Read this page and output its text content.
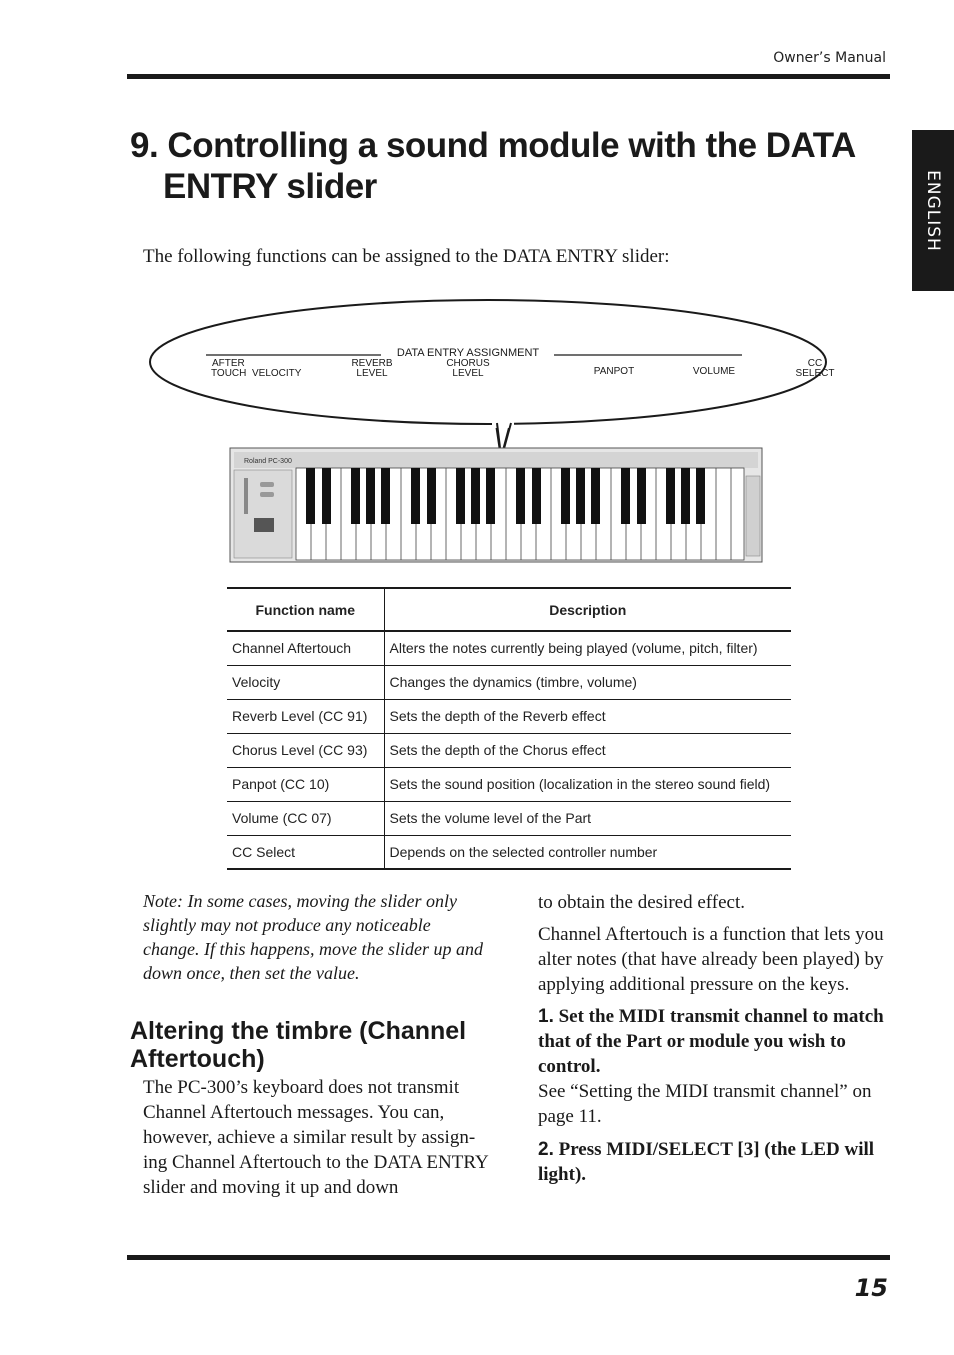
Owner’s Manual
ENGLISH
9. Controlling a sound module with the DATA
ENTRY slider

The following functions can be assigned to the DATA ENTRY slider:

DATA ENTRY ASSIGNMENT
AFTER
TOUCH VELOCITY
REVERB
LEVEL
CHORUS
LEVEL	PANPOT	VOLUME
CC
SELECT
Roland PC-300
Function name	Description
Channel Aftertouch	Alters the notes currently being played (volume, pitch, filter)
Velocity	Changes the dynamics (timbre, volume)
Reverb Level (CC 91)	Sets the depth of the Reverb effect
Chorus Level (CC 93)	Sets the depth of the Chorus effect
Panpot (CC 10)	Sets the sound position (localization in the stereo sound field)
Volume (CC 07)	Sets the volume level of the Part
CC Select	Depends on the selected controller number

Note: In some cases, moving the slider only slightly may not produce any noticeable change. If this happens, move the slider up and down once, then set the value.

Altering the timbre (Channel Aftertouch)

The PC-300’s keyboard does not transmit Channel Aftertouch messages. You can, however, achieve a similar result by assign-ing Channel Aftertouch to the DATA ENTRY slider and moving it up and down

to obtain the desired effect.

Channel Aftertouch is a function that lets you alter notes (that have already been played) by applying additional pressure on the keys.

1. Set the MIDI transmit channel to match that of the Part or module you wish to control.

See “Setting the MIDI transmit channel” on page 11.

2. Press MIDI/SELECT [3] (the LED will light).

15
